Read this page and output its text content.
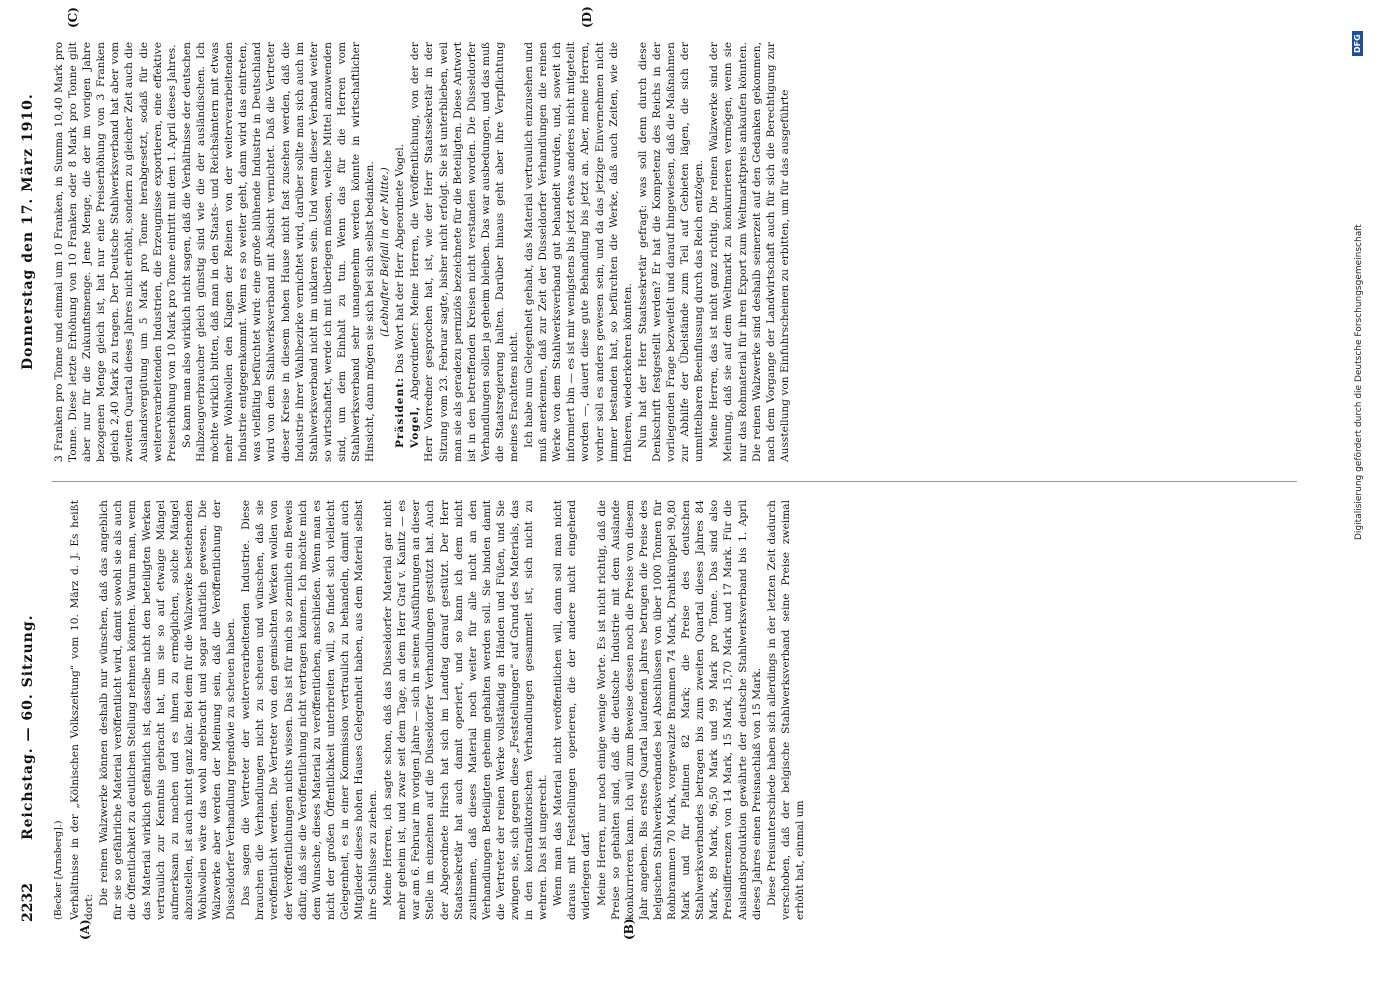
2232
Reichstag. — 60. Sitzung.
Donnerstag den 17. März 1910.
(A)	(B)
(C)	(D)
(Becker [Arnsberg].) Verhältnisse in der „Kölnischen Volkszeitung“ vom 10. März d. J. Es heißt dort:

Die reinen Walzwerke können deshalb nur wünschen, daß das angeblich für sie so gefährliche Material veröffentlicht wird, damit sowohl sie als auch die Öffentlichkeit zu deutlichen Stellung nehmen könnten. Warum man, wenn das Material wirklich gefährlich ist, dasselbe nicht den beteiligten Werken vertraulich zur Kenntnis gebracht hat, um sie so auf etwaige Mängel aufmerksam zu machen und es ihnen zu ermöglichen, solche Mängel abzustellen, ist auch nicht ganz klar. Bei dem für die Walzwerke bestehenden Wohlwollen wäre das wohl angebracht und sogar natürlich gewesen. Die Walzwerke aber werden der Meinung sein, daß die Veröffentlichung der Düsseldorfer Verhandlung irgendwie zu scheuen haben. Das sagen die Vertreter der weiterverarbeitenden Industrie. Diese brauchen die Verhandlungen nicht zu scheuen und wünschen, daß sie veröffentlicht werden. Die Vertreter von den gemischten Werken wollen von der Veröffentlichungen nichts wissen. Das ist für mich so ziemlich ein Beweis dafür, daß sie die Veröffentlichung nicht vertragen können. Ich möchte mich dem Wunsche, dieses Material zu veröffentlichen, anschließen. Wenn man es nicht der großen Öffentlichkeit unterbreiten will, so findet sich vielleicht Gelegenheit, es in einer Kommission vertraulich zu behandeln, damit auch Mitglieder dieses hohen Hauses Gelegenheit haben, aus dem Material selbst ihre Schlüsse zu ziehen. Meine Herren, ich sagte schon, daß das Düsseldorfer Material gar nicht mehr geheim ist, und zwar seit dem Tage, an dem Herr Graf v. Kanitz — es war am 6. Februar im vorigen Jahre — sich in seinen Ausführungen an dieser Stelle im einzelnen auf die Düsseldorfer Verhandlungen gestützt hat. Auch der Abgeordnete Hirsch hat sich im Landtag darauf gestützt. Der Herr Staatssekretär hat auch damit operiert, und so kann ich dem nicht zustimmen, daß dieses Material noch weiter für alle nicht an den Verhandlungen Beteiligten geheim gehalten werden soll. Sie binden damit die Vertreter der reinen Werke vollständig an Händen und Füßen, und Sie zwingen sie, sich gegen diese „Feststellungen“ auf Grund des Materials, das in den kontradiktorischen Verhandlungen gesammelt ist, sich nicht zu wehren. Das ist ungerecht. Wenn man das Material nicht veröffentlichen will, dann soll man nicht daraus mit Feststellungen operieren, die der andere nicht eingehend widerlegen darf. Meine Herren, nur noch einige wenige Worte. Es ist nicht richtig, daß die Preise so gehalten sind, daß die deutsche Industrie mit dem Auslande konkurrieren kann. Ich will zum Beweise dessen noch die Preise von diesem Jahr angeben. Bis erstes Quartal laufenden Jahres betrugen die Preise des belgischen Stahlwerksverbandes bei Abschlüssen von über 1000 Tonnen für Rohbrammen 70 Mark, vorgewalzte Brammen 74 Mark, Drahtknüppel 90,80 Mark und für Platinen 82 Mark; die Preise des deutschen Stahlwerksverbandes betragen bis zum zweiten Quartal dieses Jahres 84 Mark, 89 Mark, 96,50 Mark und 99 Mark pro Tonne. Das sind also Preisdifferenzen von 14 Mark, 15 Mark, 15,70 Mark und 17 Mark. Für die Auslandsproduktion gewährte der deutsche Stahlwerksverband bis 1. April dieses Jahres einen Preisnachlaß von 15 Mark. Diese Preisunterschiede haben sich allerdings in der letzten Zeit dadurch verschoben, daß der belgische Stahlwerksverband seine Preise zweimal erhöht hat, einmal um

3 Franken pro Tonne und einmal um 10 Franken, in Summa 10,40 Mark pro Tonne. Diese letzte Erhöhung von 10 Franken oder 8 Mark pro Tonne gilt aber nur für die Zukunftsmenge. Jene Menge, die der im vorigen Jahre bezogenen Menge gleich ist, hat nur eine Preiserhöhung von 3 Franken gleich 2,40 Mark zu tragen. Der Deutsche Stahlwerksverband hat aber vom zweiten Quartal dieses Jahres nicht erhöht, sondern zu gleicher Zeit auch die Auslandsvergütung um 5 Mark pro Tonne herabgesetzt, sodaß für die weiterverarbeitenden Industrien, die Erzeugnisse exportieren, eine effektive Preiserhöhung von 10 Mark pro Tonne eintritt mit dem 1. April dieses Jahres. So kann man also wirklich nicht sagen, daß die Verhältnisse der deutschen Halbzeugverbraucher gleich günstig sind wie die der ausländischen. Ich möchte wirklich bitten, daß man in den Staats- und Reichsämtern mit etwas mehr Wohlwollen den Klagen der Reinen von der weiterverarbeitenden Industrie entgegenkommt. Wenn es so weiter geht, dann wird das eintreten, was vielfältig befürchtet wird: eine große blühende Industrie in Deutschland wird von dem Stahlwerksverband mit Absicht vernichtet. Daß die Vertreter dieser Kreise in diesem hohen Hause nicht fast zusehen werden, daß die Industrie ihrer Wahlbezirke vernichtet wird, darüber sollte man sich auch im Stahlwerksverband nicht im unklaren sein. Und wenn dieser Verband weiter so wirtschaftet, werde ich mit überlegen müssen, welche Mittel anzuwenden sind, um dem Einhalt zu tun. Wenn das für die Herren vom Stahlwerksverband sehr unangenehm werden könnte in wirtschaftlicher Hinsicht, dann mögen sie sich bei sich selbst bedanken. (Lebhafter Beifall in der Mitte.)

Präsident: Das Wort hat der Herr Abgeordnete Vogel.

Vogel, Abgeordneter: Meine Herren, die Veröffentlichung, von der der Herr Vorredner gesprochen hat, ist, wie der Herr Staatssekretär in der Sitzung vom 23. Februar sagte, bisher nicht erfolgt. Sie ist unterblieben, weil man sie als geradezu perniziös bezeichnete für die Beteiligten. Diese Antwort ist in den betreffenden Kreisen nicht verstanden worden. Die Düsseldorfer Verhandlungen sollen ja geheim bleiben. Das war ausbedungen, und das muß die Staatsregierung halten. Darüber hinaus geht aber ihre Verpflichtung meines Erachtens nicht. Ich habe nun Gelegenheit gehabt, das Material vertraulich einzusehen und muß anerkennen, daß zur Zeit der Düsseldorfer Verhandlungen die reinen Werke von dem Stahlwerksverband gut behandelt wurden, und, soweit ich informiert bin — es ist mir wenigstens bis jetzt etwas anderes nicht mitgeteilt worden —, dauert diese gute Behandlung bis jetzt an. Aber, meine Herren, vorher soll es anders gewesen sein, und da das jetzige Einvernehmen nicht immer bestanden hat, so befürchten die Werke, daß auch Zeiten, wie die früheren, wiederkehren könnten. Nun hat der Herr Staatssekretär gefragt: was soll denn durch diese Denkschrift festgestellt werden? Er hat die Kompetenz des Reichs in der vorliegenden Frage bezweifelt und darauf hingewiesen, daß die Maßnahmen zur Abhilfe der Übelstände zum Teil auf Gebieten lägen, die sich der unmittelbaren Beeinflussung durch das Reich entzögen. Meine Herren, das ist nicht ganz richtig. Die reinen Walzwerke sind der Meinung, daß sie auf dem Weltmarkt zu konkurrieren vermögen, wenn sie nur das Rohmaterial für ihren Export zum Weltmarktpreis ankaufen könnten. Die reinen Walzwerke sind deshalb seinerzeit auf den Gedanken gekommen, nach dem Vorgange der Landwirtschaft auch für sich die Berechtigung zur Ausstellung von Einfuhrscheinen zu erbitten, um für das ausgeführte	Digitalisierung gefördert durch die Deutsche Forschungsgemeinschaft
DFG
